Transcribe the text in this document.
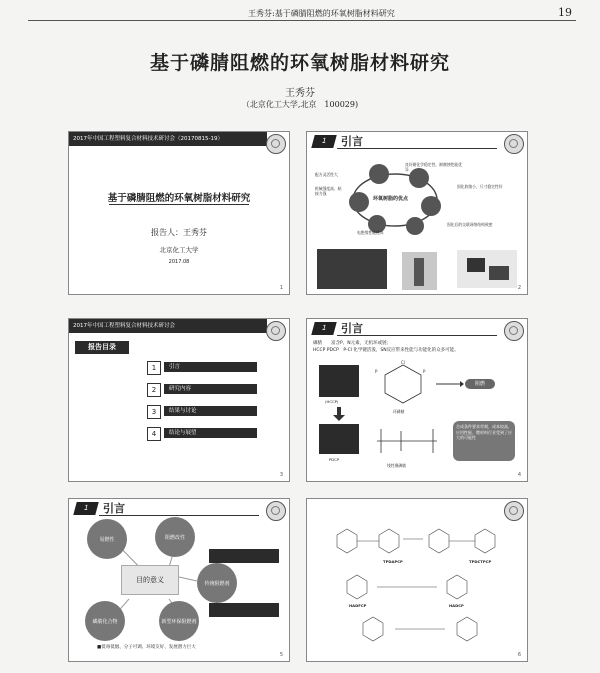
王秀芬:基于磷腈阻燃的环氧树脂材料研究	19
基于磷腈阻燃的环氧树脂材料研究
王秀芬
（北京化工大学,北京　100029)
2017年中国工程塑料复合材料技术研讨会（20170815-19）
基于磷腈阻燃的环氧树脂材料研究
报告人：王秀芬
北京化工大学
2017.08
1
1	引言
环氧树脂的优点
良好耐化学稳定性、耐腐蚀性能优异
固化收缩小，尺寸稳定性好
配方灵活性大
机械强度高、粘接力强
电绝缘性能优异
固化后的交联网络结构致密
2
2017年中国工程塑料复合材料技术研讨会
报告目录
1	引言
2	研究内容
3	结果与讨论
4	结论与展望
3
1	引言
磷腈　　富含P、N元素，无机环或链；
HCCP PDCP　P-Cl 化学键活泼，SN反应带来性能与功能化的众多可能。
(HCCP)
Cl
P
P
环磷腈
阻燃
PDCP
线性聚磷腈
合成条件要求苛刻，成本较高，应用性能、燃材料行业受到了应大的可能性
4
1	引言
易燃性	阻燃改性
传统阻燃剂
磷腈化合物	新型环保阻燃剂
目的意义
■低毒低烟、分子可调、环境友好、发展潜力巨大
5
TPDAPCP	TPDCTPCP
HADFCP	HADCP
6
